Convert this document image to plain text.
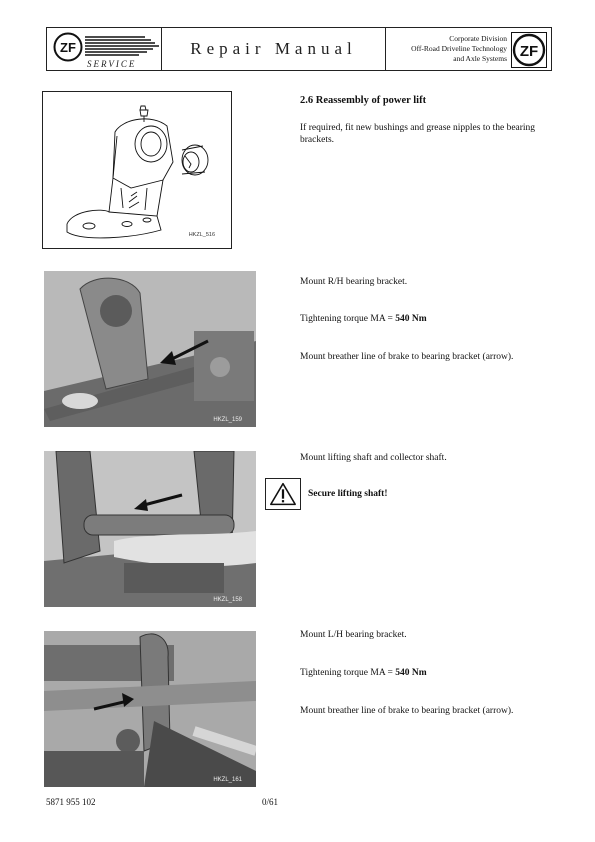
ZF
SERVICE
Repair Manual
Corporate Division
Off-Road Driveline Technology
and Axle Systems ZF
HKZL_516
2.6 Reassembly of power lift
If required, fit new bushings and grease nipples to the bearing brackets.
HKZL_159
Mount R/H bearing bracket.
Tightening torque MA = 540 Nm
Mount breather line of brake to bearing bracket (arrow).
HKZL_158
Mount lifting shaft and collector shaft.
Secure lifting shaft!
HKZL_161
Mount L/H bearing bracket.
Tightening torque MA = 540 Nm
Mount breather line of brake to bearing bracket (arrow).
5871 955 102	0/61
